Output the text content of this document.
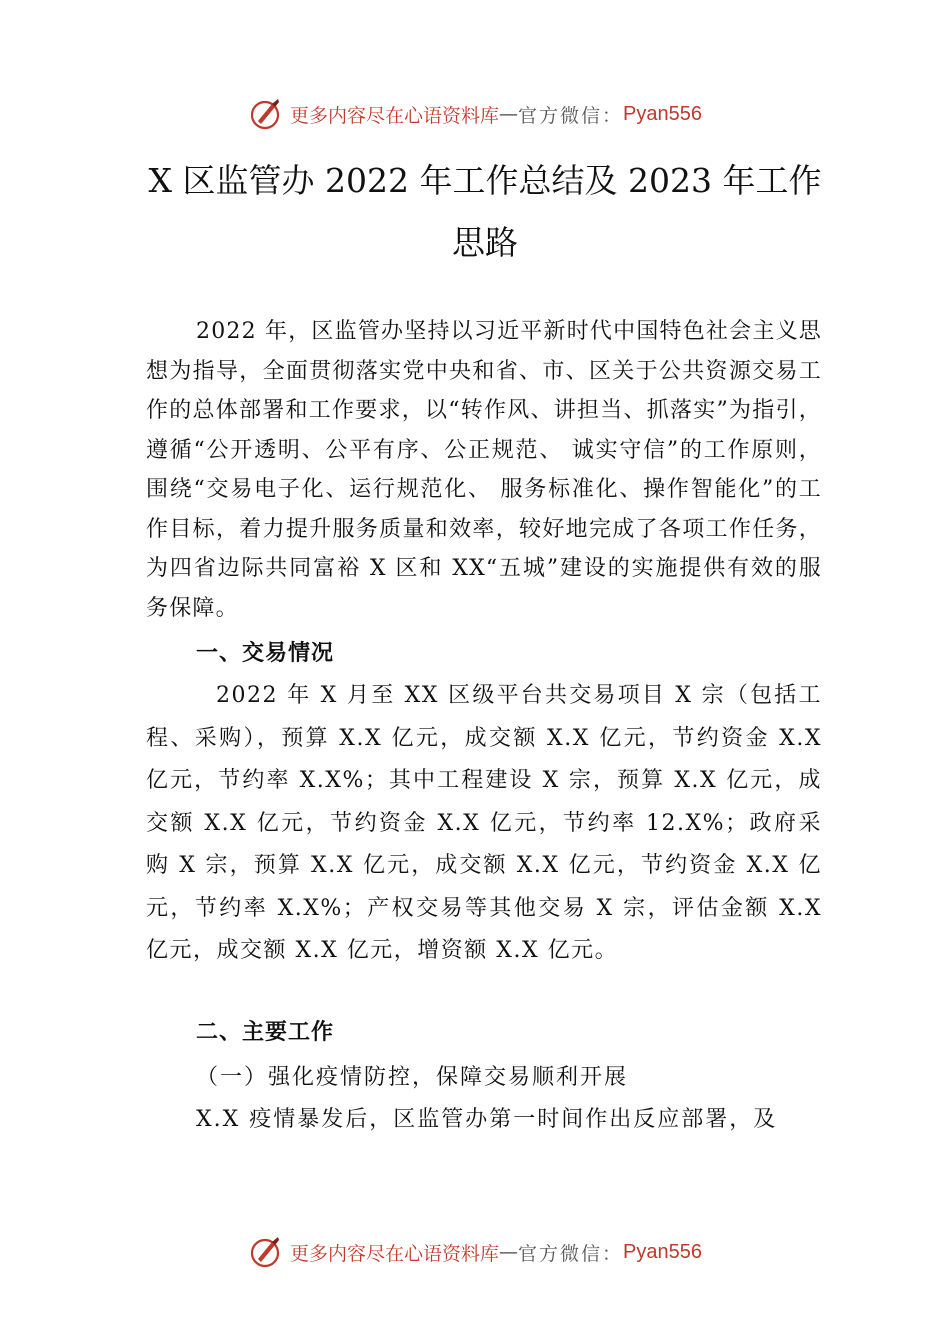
更多内容尽在心语资料库 — 官方微信： Pyan556
X 区监管办 2022 年工作总结及 2023 年工作思路

2022 年，区监管办坚持以习近平新时代中国特色社会主义思想为指导，全面贯彻落实党中央和省、市、区关于公共资源交易工作的总体部署和工作要求，以“转作风、讲担当、抓落实”为指引，遵循“公开透明、公平有序、公正规范、 诚实守信”的工作原则，围绕“交易电子化、运行规范化、 服务标准化、操作智能化”的工作目标，着力提升服务质量和效率，较好地完成了各项工作任务，为四省边际共同富裕 X 区和 XX“五城”建设的实施提供有效的服务保障。

一、交易情况

2022 年 X 月至 XX 区级平台共交易项目 X 宗（包括工程、采购），预算 X.X 亿元，成交额 X.X 亿元，节约资金 X.X 亿元，节约率 X.X%；其中工程建设 X 宗，预算 X.X 亿元，成交额 X.X 亿元，节约资金 X.X 亿元，节约率 12.X%；政府采购 X 宗，预算 X.X 亿元，成交额 X.X 亿元，节约资金 X.X 亿元，节约率 X.X%；产权交易等其他交易 X 宗，评估金额 X.X 亿元，成交额 X.X 亿元，增资额 X.X 亿元。

二、主要工作

（一）强化疫情防控，保障交易顺利开展

X.X 疫情暴发后，区监管办第一时间作出反应部署，及

更多内容尽在心语资料库 — 官方微信： Pyan556
